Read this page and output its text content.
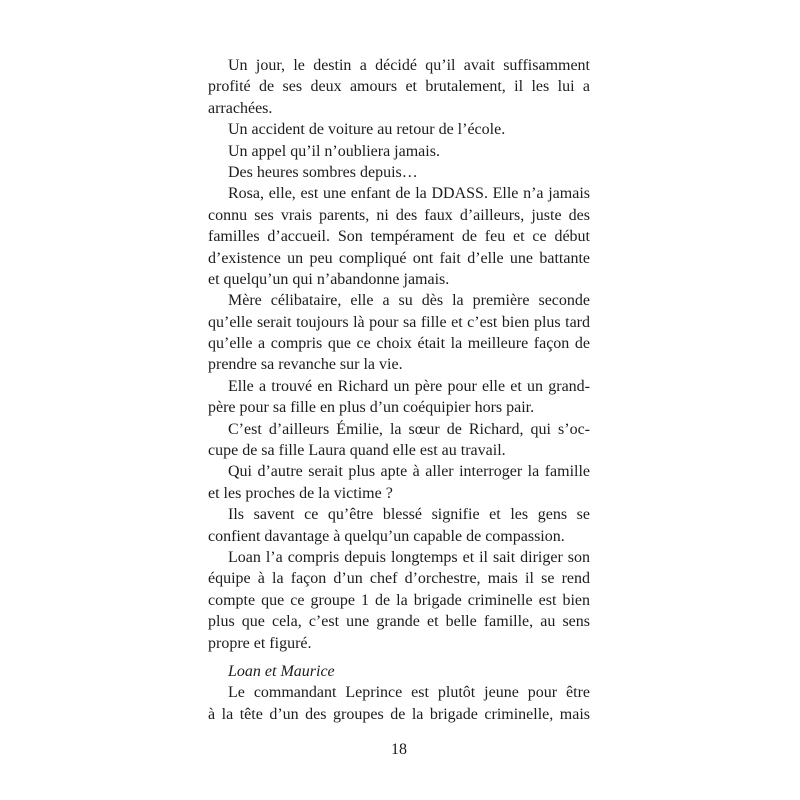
Un jour, le destin a décidé qu’il avait suffisamment
profité de ses deux amours et brutalement, il les lui a
arrachées.

Un accident de voiture au retour de l’école.

Un appel qu’il n’oubliera jamais.

Des heures sombres depuis…

Rosa, elle, est une enfant de la DDASS. Elle n’a jamais
connu ses vrais parents, ni des faux d’ailleurs, juste des
familles d’accueil. Son tempérament de feu et ce début
d’existence un peu compliqué ont fait d’elle une battante
et quelqu’un qui n’abandonne jamais.

Mère célibataire, elle a su dès la première seconde
qu’elle serait toujours là pour sa fille et c’est bien plus tard
qu’elle a compris que ce choix était la meilleure façon de
prendre sa revanche sur la vie.

Elle a trouvé en Richard un père pour elle et un grand-
père pour sa fille en plus d’un coéquipier hors pair.

C’est d’ailleurs Émilie, la sœur de Richard, qui s’oc-
cupe de sa fille Laura quand elle est au travail.

Qui d’autre serait plus apte à aller interroger la famille
et les proches de la victime ?

Ils savent ce qu’être blessé signifie et les gens se
confient davantage à quelqu’un capable de compassion.

Loan l’a compris depuis longtemps et il sait diriger son
équipe à la façon d’un chef d’orchestre, mais il se rend
compte que ce groupe 1 de la brigade criminelle est bien
plus que cela, c’est une grande et belle famille, au sens
propre et figuré.

Loan et Maurice

Le commandant Leprince est plutôt jeune pour être
à la tête d’un des groupes de la brigade criminelle, mais

18
